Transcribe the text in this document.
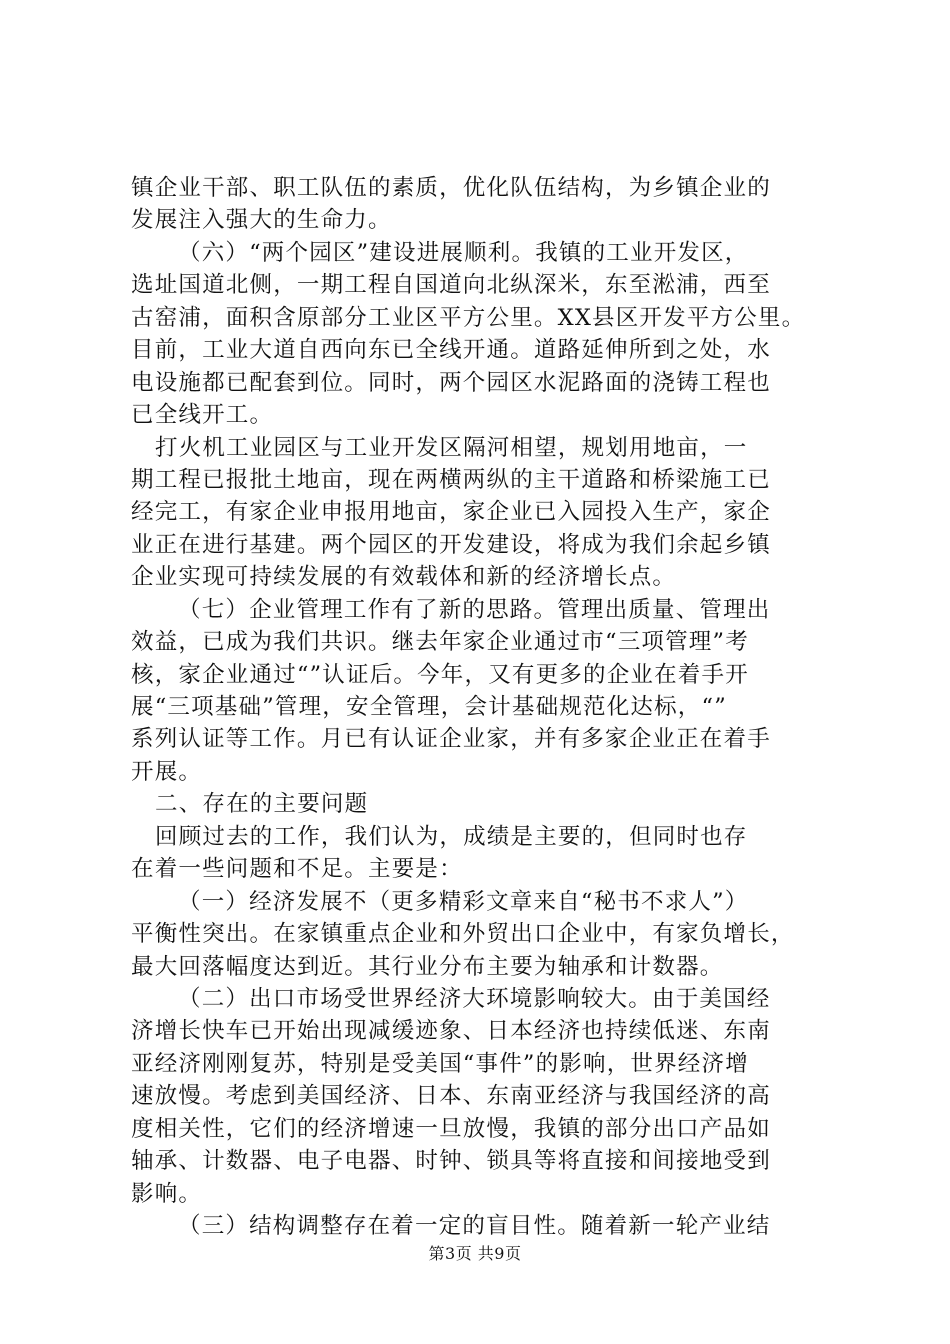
镇企业干部、职工队伍的素质，优化队伍结构，为乡镇企业的
发展注入强大的生命力。
（六）“两个园区”建设进展顺利。我镇的工业开发区，
选址国道北侧，一期工程自国道向北纵深米，东至淞浦，西至
古窑浦，面积含原部分工业区平方公里。XX县区开发平方公里。
目前，工业大道自西向东已全线开通。道路延伸所到之处，水
电设施都已配套到位。同时，两个园区水泥路面的浇铸工程也
已全线开工。
打火机工业园区与工业开发区隔河相望，规划用地亩，一
期工程已报批土地亩，现在两横两纵的主干道路和桥梁施工已
经完工，有家企业申报用地亩，家企业已入园投入生产，家企
业正在进行基建。两个园区的开发建设，将成为我们余起乡镇
企业实现可持续发展的有效载体和新的经济增长点。
（七）企业管理工作有了新的思路。管理出质量、管理出
效益，已成为我们共识。继去年家企业通过市“三项管理”考
核，家企业通过“”认证后。今年，又有更多的企业在着手开
展“三项基础”管理，安全管理，会计基础规范化达标，“”
系列认证等工作。月已有认证企业家，并有多家企业正在着手
开展。
二、存在的主要问题
回顾过去的工作，我们认为，成绩是主要的，但同时也存
在着一些问题和不足。主要是：
（一）经济发展不（更多精彩文章来自“秘书不求人”）
平衡性突出。在家镇重点企业和外贸出口企业中，有家负增长，
最大回落幅度达到近。其行业分布主要为轴承和计数器。
（二）出口市场受世界经济大环境影响较大。由于美国经
济增长快车已开始出现减缓迹象、日本经济也持续低迷、东南
亚经济刚刚复苏，特别是受美国“事件”的影响，世界经济增
速放慢。考虑到美国经济、日本、东南亚经济与我国经济的高
度相关性，它们的经济增速一旦放慢，我镇的部分出口产品如
轴承、计数器、电子电器、时钟、锁具等将直接和间接地受到
影响。
（三）结构调整存在着一定的盲目性。随着新一轮产业结
第3页 共9页
